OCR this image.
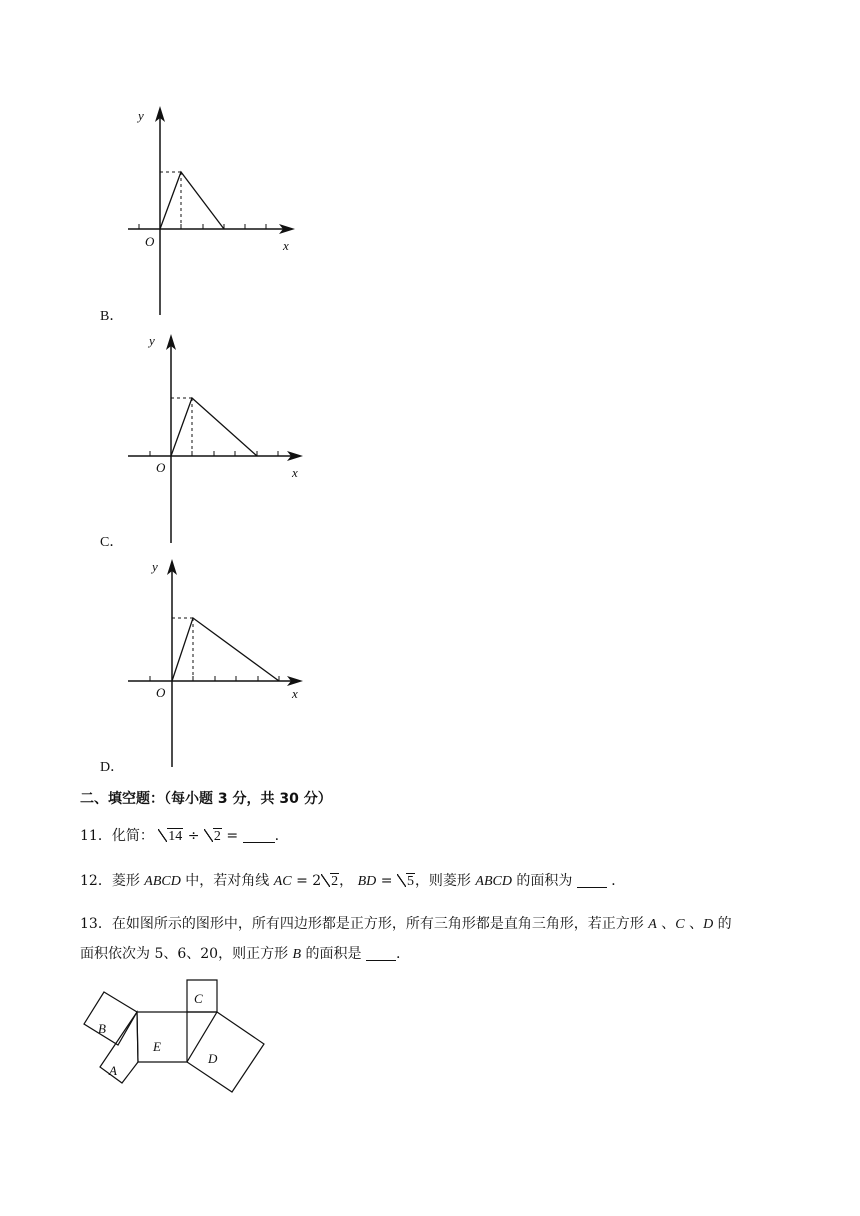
y
x
O
B．
y
x
O
C．
y
x
O
D．
二、填空题：（每小题 3 分，共 30 分）
11．化简： 14 ÷ 2 =	.
12．菱形 ABCD 中，若对角线 AC = 2 2， BD = 5，则菱形 ABCD 的面积为  ．
13．在如图所示的图形中，所有四边形都是正方形，所有三角形都是直角三角形，若正方形 A 、C 、D 的
面积依次为 5、6、20，则正方形 B 的面积是 .
B
A
E
C
D
